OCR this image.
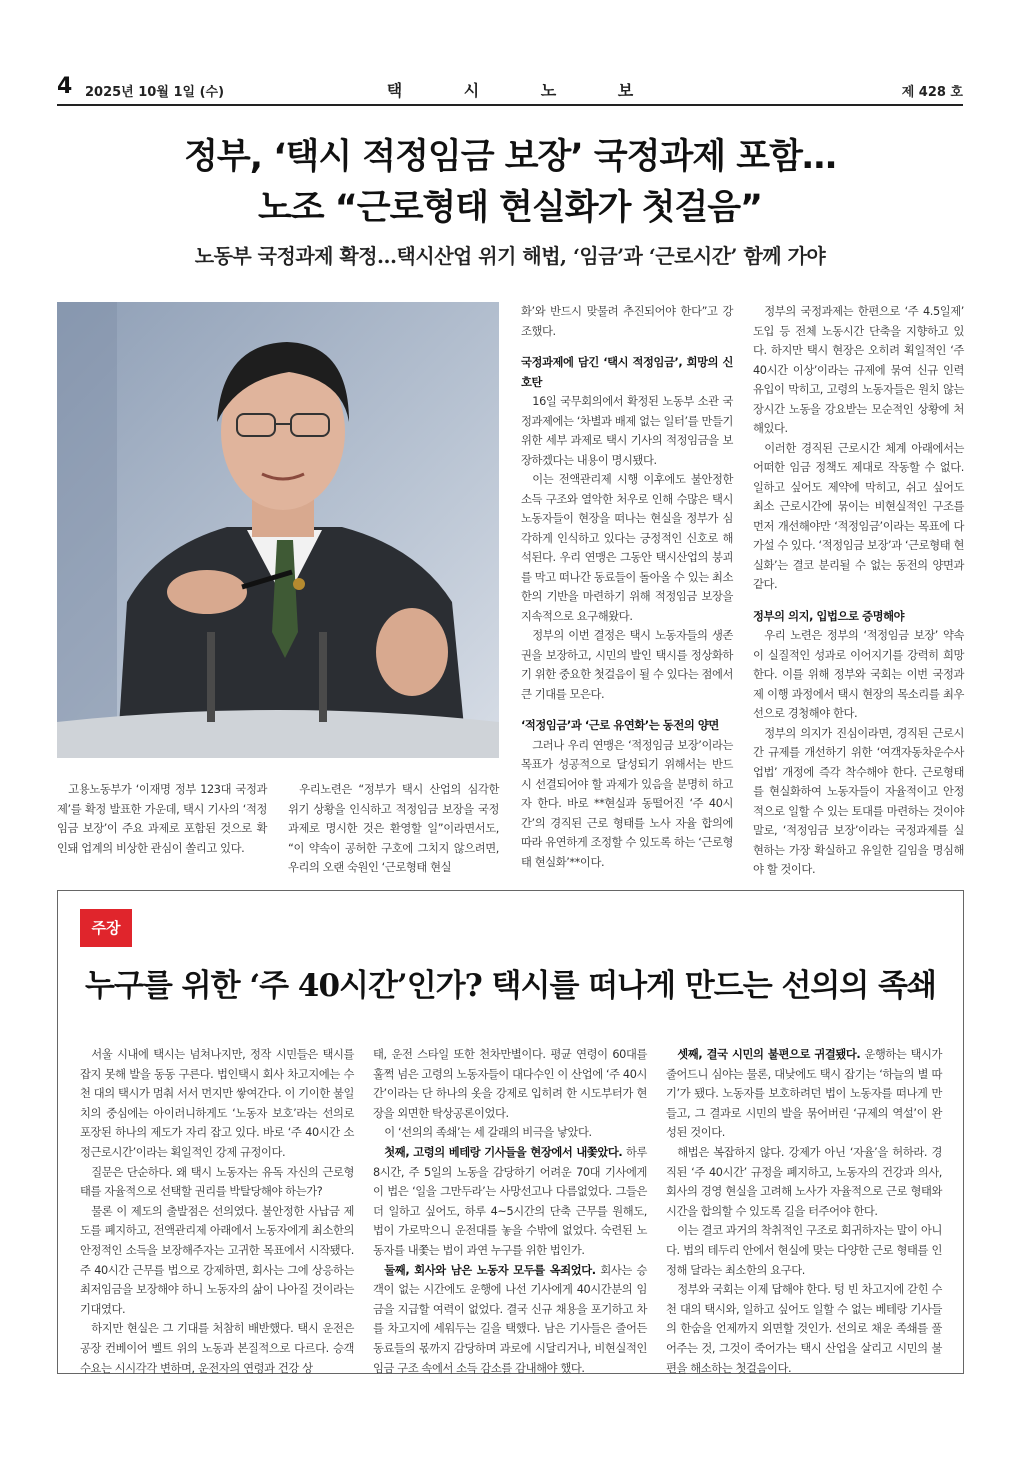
4 2025년 10월 1일 (수)	택 시 노 보	제 428 호
정부, ‘택시 적정임금 보장’ 국정과제 포함…
노조 “근로형태 현실화가 첫걸음”
노동부 국정과제 확정…택시산업 위기 해법, ‘임금’과 ‘근로시간’ 함께 가야

고용노동부가 ‘이재명 정부 123대 국정과제’를 확정 발표한 가운데, 택시 기사의 ‘적정임금 보장’이 주요 과제로 포함된 것으로 확인돼 업계의 비상한 관심이 쏠리고 있다.

우리노련은 “정부가 택시 산업의 심각한 위기 상황을 인식하고 적정임금 보장을 국정과제로 명시한 것은 환영할 일”이라면서도, “이 약속이 공허한 구호에 그치지 않으려면, 우리의 오랜 숙원인 ‘근로형태 현실

화’와 반드시 맞물려 추진되어야 한다”고 강조했다.

국정과제에 담긴 ‘택시 적정임금’, 희망의 신호탄

16일 국무회의에서 확정된 노동부 소관 국정과제에는 ‘차별과 배제 없는 일터’를 만들기 위한 세부 과제로 택시 기사의 적정임금을 보장하겠다는 내용이 명시됐다.

이는 전액관리제 시행 이후에도 불안정한 소득 구조와 열악한 처우로 인해 수많은 택시 노동자들이 현장을 떠나는 현실을 정부가 심각하게 인식하고 있다는 긍정적인 신호로 해석된다. 우리 연맹은 그동안 택시산업의 붕괴를 막고 떠나간 동료들이 돌아올 수 있는 최소한의 기반을 마련하기 위해 적정임금 보장을 지속적으로 요구해왔다.

정부의 이번 결정은 택시 노동자들의 생존권을 보장하고, 시민의 발인 택시를 정상화하기 위한 중요한 첫걸음이 될 수 있다는 점에서 큰 기대를 모은다.

‘적정임금’과 ‘근로 유연화’는 동전의 양면

그러나 우리 연맹은 ‘적정임금 보장’이라는 목표가 성공적으로 달성되기 위해서는 반드시 선결되어야 할 과제가 있음을 분명히 하고자 한다. 바로 **현실과 동떨어진 ‘주 40시간’의 경직된 근로 형태를 노사 자율 합의에 따라 유연하게 조정할 수 있도록 하는 ‘근로형태 현실화’**이다.

정부의 국정과제는 한편으로 ‘주 4.5일제’ 도입 등 전체 노동시간 단축을 지향하고 있다. 하지만 택시 현장은 오히려 획일적인 ‘주 40시간 이상’이라는 규제에 묶여 신규 인력 유입이 막히고, 고령의 노동자들은 원치 않는 장시간 노동을 강요받는 모순적인 상황에 처해있다.

이러한 경직된 근로시간 체계 아래에서는 어떠한 임금 정책도 제대로 작동할 수 없다. 일하고 싶어도 제약에 막히고, 쉬고 싶어도 최소 근로시간에 묶이는 비현실적인 구조를 먼저 개선해야만 ‘적정임금’이라는 목표에 다가설 수 있다. ‘적정임금 보장’과 ‘근로형태 현실화’는 결코 분리될 수 없는 동전의 양면과 같다.

정부의 의지, 입법으로 증명해야

우리 노련은 정부의 ‘적정임금 보장’ 약속이 실질적인 성과로 이어지기를 강력히 희망한다. 이를 위해 정부와 국회는 이번 국정과제 이행 과정에서 택시 현장의 목소리를 최우선으로 경청해야 한다.

정부의 의지가 진심이라면, 경직된 근로시간 규제를 개선하기 위한 ‘여객자동차운수사업법’ 개정에 즉각 착수해야 한다. 근로형태를 현실화하여 노동자들이 자율적이고 안정적으로 일할 수 있는 토대를 마련하는 것이야말로, ‘적정임금 보장’이라는 국정과제를 실현하는 가장 확실하고 유일한 길임을 명심해야 할 것이다.

주장
누구를 위한 ‘주 40시간’인가? 택시를 떠나게 만드는 선의의 족쇄

서울 시내에 택시는 넘쳐나지만, 정작 시민들은 택시를 잡지 못해 발을 동동 구른다. 법인택시 회사 차고지에는 수천 대의 택시가 멈춰 서서 먼지만 쌓여간다. 이 기이한 불일치의 중심에는 아이러니하게도 ‘노동자 보호’라는 선의로 포장된 하나의 제도가 자리 잡고 있다. 바로 ‘주 40시간 소정근로시간’이라는 획일적인 강제 규정이다.

질문은 단순하다. 왜 택시 노동자는 유독 자신의 근로형태를 자율적으로 선택할 권리를 박탈당해야 하는가?

물론 이 제도의 출발점은 선의였다. 불안정한 사납금 제도를 폐지하고, 전액관리제 아래에서 노동자에게 최소한의 안정적인 소득을 보장해주자는 고귀한 목표에서 시작됐다. 주 40시간 근무를 법으로 강제하면, 회사는 그에 상응하는 최저임금을 보장해야 하니 노동자의 삶이 나아질 것이라는 기대였다.

하지만 현실은 그 기대를 처참히 배반했다. 택시 운전은 공장 컨베이어 벨트 위의 노동과 본질적으로 다르다. 승객 수요는 시시각각 변하며, 운전자의 연령과 건강 상

태, 운전 스타일 또한 천차만별이다. 평균 연령이 60대를 훌쩍 넘은 고령의 노동자들이 대다수인 이 산업에 ‘주 40시간’이라는 단 하나의 옷을 강제로 입히려 한 시도부터가 현장을 외면한 탁상공론이었다.

이 ‘선의의 족쇄’는 세 갈래의 비극을 낳았다.

첫째, 고령의 베테랑 기사들을 현장에서 내쫓았다. 하루 8시간, 주 5일의 노동을 감당하기 어려운 70대 기사에게 이 법은 ‘일을 그만두라’는 사망선고나 다름없었다. 그들은 더 일하고 싶어도, 하루 4~5시간의 단축 근무를 원해도, 법이 가로막으니 운전대를 놓을 수밖에 없었다. 숙련된 노동자를 내쫓는 법이 과연 누구를 위한 법인가.

둘째, 회사와 남은 노동자 모두를 옥죄었다. 회사는 승객이 없는 시간에도 운행에 나선 기사에게 40시간분의 임금을 지급할 여력이 없었다. 결국 신규 채용을 포기하고 차를 차고지에 세워두는 길을 택했다. 남은 기사들은 줄어든 동료들의 몫까지 감당하며 과로에 시달리거나, 비현실적인 임금 구조 속에서 소득 감소를 감내해야 했다.

셋째, 결국 시민의 불편으로 귀결됐다. 운행하는 택시가 줄어드니 심야는 물론, 대낮에도 택시 잡기는 ‘하늘의 별 따기’가 됐다. 노동자를 보호하려던 법이 노동자를 떠나게 만들고, 그 결과로 시민의 발을 묶어버린 ‘규제의 역설’이 완성된 것이다.

해법은 복잡하지 않다. 강제가 아닌 ‘자율’을 허하라. 경직된 ‘주 40시간’ 규정을 폐지하고, 노동자의 건강과 의사, 회사의 경영 현실을 고려해 노사가 자율적으로 근로 형태와 시간을 합의할 수 있도록 길을 터주어야 한다.

이는 결코 과거의 착취적인 구조로 회귀하자는 말이 아니다. 법의 테두리 안에서 현실에 맞는 다양한 근로 형태를 인정해 달라는 최소한의 요구다.

정부와 국회는 이제 답해야 한다. 텅 빈 차고지에 갇힌 수천 대의 택시와, 일하고 싶어도 일할 수 없는 베테랑 기사들의 한숨을 언제까지 외면할 것인가. 선의로 채운 족쇄를 풀어주는 것, 그것이 죽어가는 택시 산업을 살리고 시민의 불편을 해소하는 첫걸음이다.
